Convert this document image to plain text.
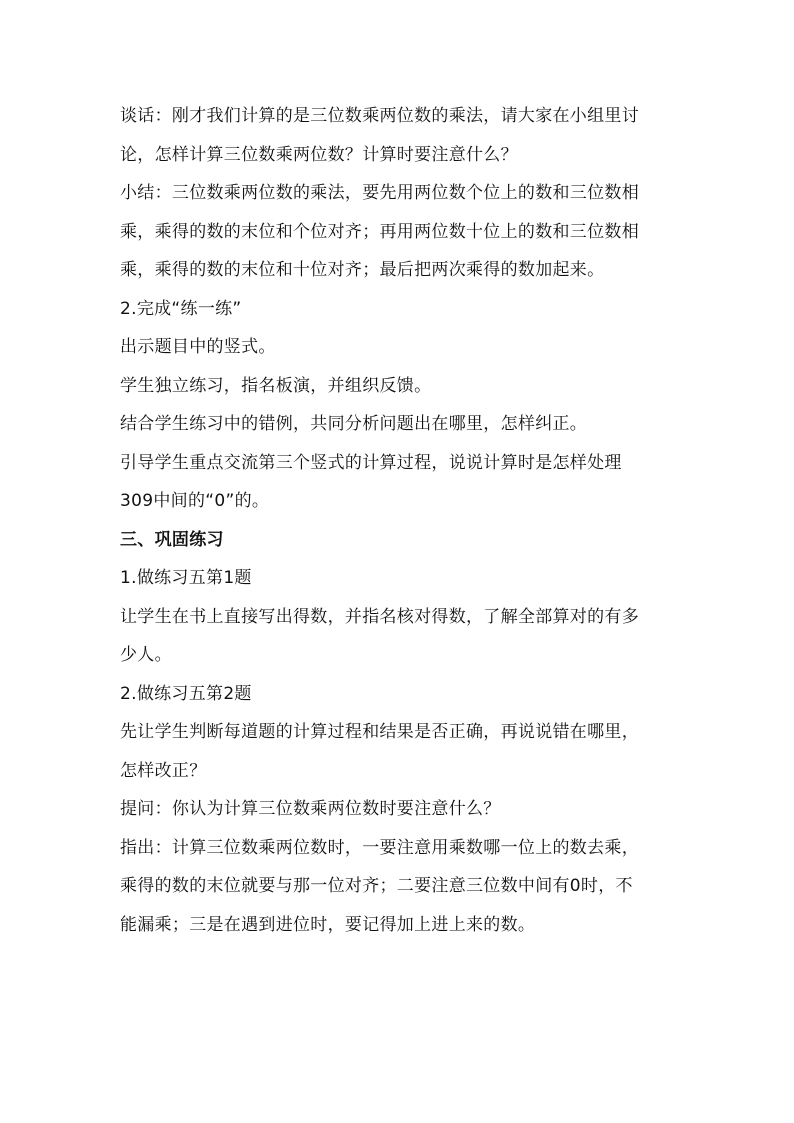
谈话：刚才我们计算的是三位数乘两位数的乘法，请大家在小组里讨
论，怎样计算三位数乘两位数？计算时要注意什么？
小结：三位数乘两位数的乘法，要先用两位数个位上的数和三位数相
乘，乘得的数的末位和个位对齐；再用两位数十位上的数和三位数相
乘，乘得的数的末位和十位对齐；最后把两次乘得的数加起来。
2.完成“练一练”
出示题目中的竖式。
学生独立练习，指名板演，并组织反馈。
结合学生练习中的错例，共同分析问题出在哪里，怎样纠正。
引导学生重点交流第三个竖式的计算过程，说说计算时是怎样处理
309中间的“0”的。
三、巩固练习
1.做练习五第1题
让学生在书上直接写出得数，并指名核对得数，了解全部算对的有多
少人。
2.做练习五第2题
先让学生判断每道题的计算过程和结果是否正确，再说说错在哪里，
怎样改正？
提问：你认为计算三位数乘两位数时要注意什么？
指出：计算三位数乘两位数时，一要注意用乘数哪一位上的数去乘，
乘得的数的末位就要与那一位对齐；二要注意三位数中间有0时，不
能漏乘；三是在遇到进位时，要记得加上进上来的数。
